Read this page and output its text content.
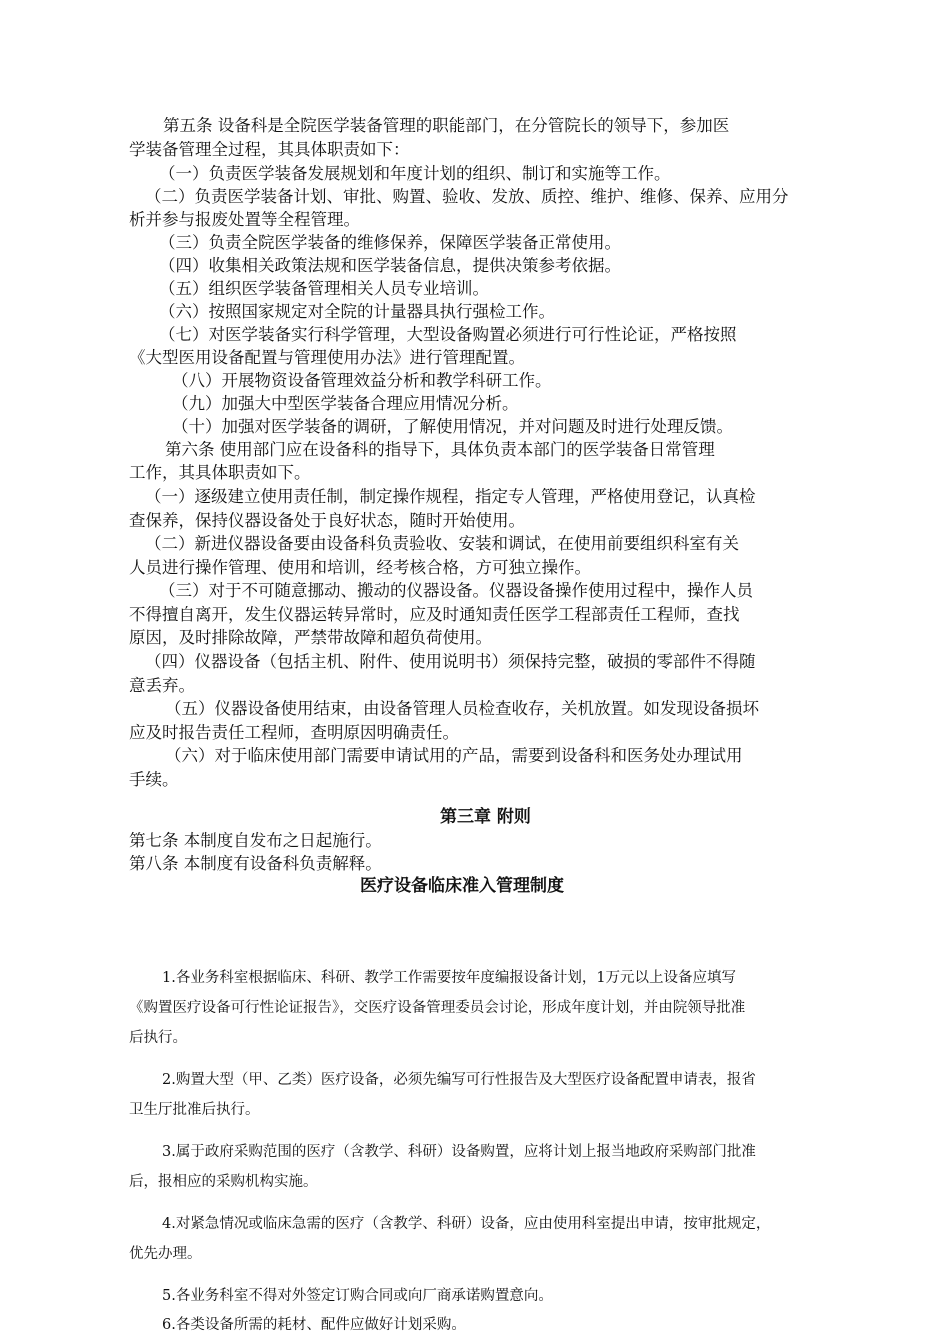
第五条 设备科是全院医学装备管理的职能部门，在分管院长的领导下，参加医
学装备管理全过程，其具体职责如下：
（一）负责医学装备发展规划和年度计划的组织、制订和实施等工作。
（二）负责医学装备计划、审批、购置、验收、发放、质控、维护、维修、保养、应用分
析并参与报废处置等全程管理。
（三）负责全院医学装备的维修保养，保障医学装备正常使用。
（四）收集相关政策法规和医学装备信息，提供决策参考依据。
（五）组织医学装备管理相关人员专业培训。
（六）按照国家规定对全院的计量器具执行强检工作。
（七）对医学装备实行科学管理，大型设备购置必须进行可行性论证，严格按照
《大型医用设备配置与管理使用办法》进行管理配置。
（八）开展物资设备管理效益分析和教学科研工作。
（九）加强大中型医学装备合理应用情况分析。
（十）加强对医学装备的调研，了解使用情况，并对问题及时进行处理反馈。
第六条 使用部门应在设备科的指导下，具体负责本部门的医学装备日常管理
工作，其具体职责如下。
（一）逐级建立使用责任制，制定操作规程，指定专人管理，严格使用登记，认真检
查保养，保持仪器设备处于良好状态，随时开始使用。
（二）新进仪器设备要由设备科负责验收、安装和调试，在使用前要组织科室有关
人员进行操作管理、使用和培训，经考核合格，方可独立操作。
（三）对于不可随意挪动、搬动的仪器设备。仪器设备操作使用过程中，操作人员
不得擅自离开，发生仪器运转异常时，应及时通知责任医学工程部责任工程师，查找
原因，及时排除故障，严禁带故障和超负荷使用。
（四）仪器设备（包括主机、附件、使用说明书）须保持完整，破损的零部件不得随
意丢弃。
（五）仪器设备使用结束，由设备管理人员检查收存，关机放置。如发现设备损坏
应及时报告责任工程师，查明原因明确责任。
（六）对于临床使用部门需要申请试用的产品，需要到设备科和医务处办理试用
手续。
第三章 附则
第七条 本制度自发布之日起施行。
第八条 本制度有设备科负责解释。
医疗设备临床准入管理制度
1.各业务科室根据临床、科研、教学工作需要按年度编报设备计划，1万元以上设备应填写
《购置医疗设备可行性论证报告》，交医疗设备管理委员会讨论，形成年度计划，并由院领导批准
后执行。
2.购置大型（甲、乙类）医疗设备，必须先编写可行性报告及大型医疗设备配置申请表，报省
卫生厅批准后执行。
3.属于政府采购范围的医疗（含教学、科研）设备购置，应将计划上报当地政府采购部门批准
后，报相应的采购机构实施。
4.对紧急情况或临床急需的医疗（含教学、科研）设备，应由使用科室提出申请，按审批规定，
优先办理。
5.各业务科室不得对外签定订购合同或向厂商承诺购置意向。
6.各类设备所需的耗材、配件应做好计划采购。
